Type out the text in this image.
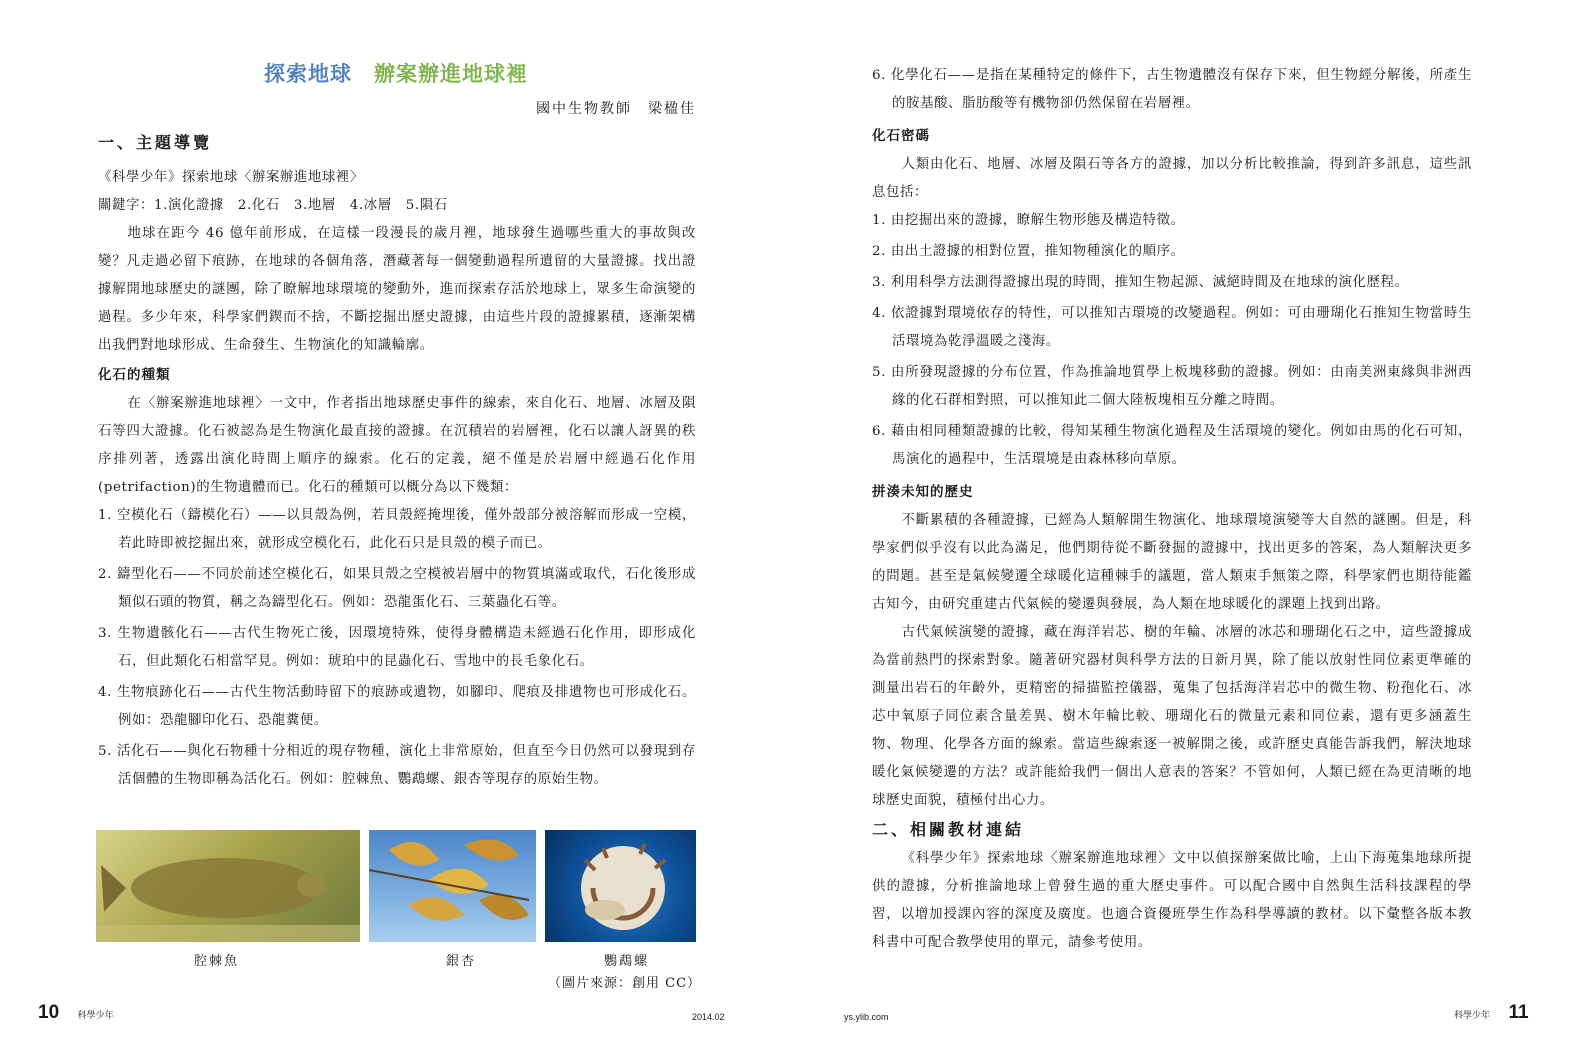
探索地球 辦案辦進地球裡
國中生物教師　梁楹佳
一、主題導覽

《科學少年》探索地球〈辦案辦進地球裡〉

關鍵字：1.演化證據　2.化石　3.地層　4.冰層　5.隕石

地球在距今 46 億年前形成，在這樣一段漫長的歲月裡，地球發生過哪些重大的事故與改變？凡走過必留下痕跡，在地球的各個角落，潛藏著每一個變動過程所遺留的大量證據。找出證據解開地球歷史的謎團，除了瞭解地球環境的變動外，進而探索存活於地球上，眾多生命演變的過程。多少年來，科學家們鍥而不捨，不斷挖掘出歷史證據，由這些片段的證據累積，逐漸架構出我們對地球形成、生命發生、生物演化的知識輪廓。

化石的種類

在〈辦案辦進地球裡〉一文中，作者指出地球歷史事件的線索，來自化石、地層、冰層及隕石等四大證據。化石被認為是生物演化最直接的證據。在沉積岩的岩層裡，化石以讓人訝異的秩序排列著，透露出演化時間上順序的線索。化石的定義，絕不僅是於岩層中經過石化作用 (petrifaction)的生物遺體而已。化石的種類可以概分為以下幾類：

1. 空模化石（鑄模化石）——以貝殼為例，若貝殼經掩埋後，僅外殼部分被溶解而形成一空模，若此時即被挖掘出來，就形成空模化石，此化石只是貝殼的模子而已。
2. 鑄型化石——不同於前述空模化石，如果貝殼之空模被岩層中的物質填滿或取代，石化後形成類似石頭的物質，稱之為鑄型化石。例如：恐龍蛋化石、三葉蟲化石等。
3. 生物遺骸化石——古代生物死亡後，因環境特殊，使得身體構造未經過石化作用，即形成化石，但此類化石相當罕見。例如：琥珀中的昆蟲化石、雪地中的長毛象化石。
4. 生物痕跡化石——古代生物活動時留下的痕跡或遺物，如腳印、爬痕及排遺物也可形成化石。例如：恐龍腳印化石、恐龍糞便。
5. 活化石——與化石物種十分相近的現存物種，演化上非常原始，但直至今日仍然可以發現到存活個體的生物即稱為活化石。例如：腔棘魚、鸚鵡螺、銀杏等現存的原始生物。
腔棘魚	銀杏	鸚鵡螺
（圖片來源：創用 CC）
10 科學少年	2014.02
6. 化學化石——是指在某種特定的條件下，古生物遺體沒有保存下來，但生物經分解後，所產生的胺基酸、脂肪酸等有機物卻仍然保留在岩層裡。
化石密碼

人類由化石、地層、冰層及隕石等各方的證據，加以分析比較推論，得到許多訊息，這些訊息包括：

1. 由挖掘出來的證據，瞭解生物形態及構造特徵。
2. 由出土證據的相對位置，推知物種演化的順序。
3. 利用科學方法測得證據出現的時間，推知生物起源、滅絕時間及在地球的演化歷程。
4. 依證據對環境依存的特性，可以推知古環境的改變過程。例如：可由珊瑚化石推知生物當時生活環境為乾淨溫暖之淺海。
5. 由所發現證據的分布位置，作為推論地質學上板塊移動的證據。例如：由南美洲東緣與非洲西緣的化石群相對照，可以推知此二個大陸板塊相互分離之時間。
6. 藉由相同種類證據的比較，得知某種生物演化過程及生活環境的變化。例如由馬的化石可知，馬演化的過程中，生活環境是由森林移向草原。
拼湊未知的歷史

不斷累積的各種證據，已經為人類解開生物演化、地球環境演變等大自然的謎團。但是，科學家們似乎沒有以此為滿足，他們期待從不斷發掘的證據中，找出更多的答案，為人類解決更多的問題。甚至是氣候變遷全球暖化這種棘手的議題，當人類束手無策之際，科學家們也期待能鑑古知今，由研究重建古代氣候的變遷與發展，為人類在地球暖化的課題上找到出路。

古代氣候演變的證據，藏在海洋岩芯、樹的年輪、冰層的冰芯和珊瑚化石之中，這些證據成為當前熱門的探索對象。隨著研究器材與科學方法的日新月異，除了能以放射性同位素更準確的測量出岩石的年齡外，更精密的掃描監控儀器，蒐集了包括海洋岩芯中的微生物、粉孢化石、冰芯中氧原子同位素含量差異、樹木年輪比較、珊瑚化石的微量元素和同位素，還有更多涵蓋生物、物理、化學各方面的線索。當這些線索逐一被解開之後，或許歷史真能告訴我們，解決地球暖化氣候變遷的方法？或許能給我們一個出人意表的答案？不管如何，人類已經在為更清晰的地球歷史面貌，積極付出心力。

二、相關教材連結

《科學少年》探索地球〈辦案辦進地球裡〉文中以偵探辦案做比喻，上山下海蒐集地球所提供的證據，分析推論地球上曾發生過的重大歷史事件。可以配合國中自然與生活科技課程的學習，以增加授課內容的深度及廣度。也適合資優班學生作為科學導讀的教材。以下彙整各版本教科書中可配合教學使用的單元，請參考使用。

ys.ylib.com	科學少年 11
